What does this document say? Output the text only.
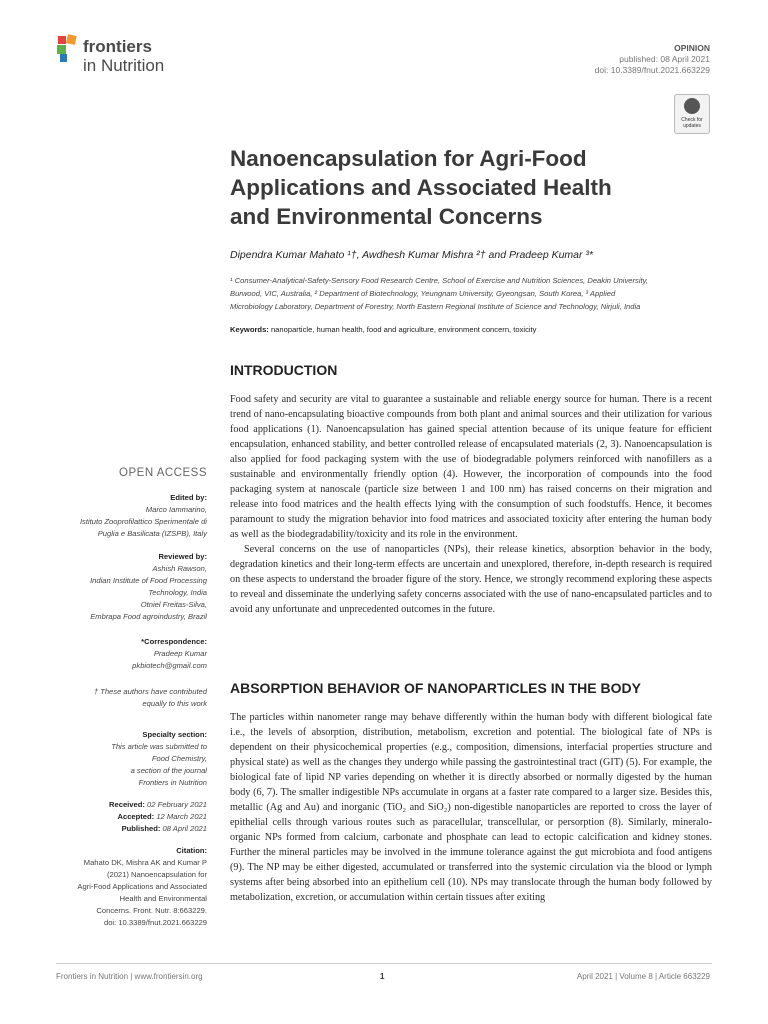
frontiers
in Nutrition
OPINION
published: 08 April 2021
doi: 10.3389/fnut.2021.663229
Check for
updates
Nanoencapsulation for Agri-Food
Applications and Associated Health
and Environmental Concerns
Dipendra Kumar Mahato ¹†, Awdhesh Kumar Mishra ²† and Pradeep Kumar ³*
¹ Consumer-Analytical-Safety-Sensory Food Research Centre, School of Exercise and Nutrition Sciences, Deakin University,
Burwood, VIC, Australia, ² Department of Biotechnology, Yeungnam University, Gyeongsan, South Korea, ³ Applied
Microbiology Laboratory, Department of Forestry, North Eastern Regional Institute of Science and Technology, Nirjuli, India
Keywords: nanoparticle, human health, food and agriculture, environment concern, toxicity
INTRODUCTION

Food safety and security are vital to guarantee a sustainable and reliable energy source for human. There is a recent trend of nano-encapsulating bioactive compounds from both plant and animal sources and their utilization for various food applications (1). Nanoencapsulation has gained special attention because of its unique feature for efficient encapsulation, enhanced stability, and better controlled release of encapsulated materials (2, 3). Nanoencapsulation is also applied for food packaging system with the use of biodegradable polymers reinforced with nanofillers as a sustainable and environmentally friendly option (4). However, the incorporation of compounds into the food packaging system at nanoscale (particle size between 1 and 100 nm) has raised concerns on their migration and release into food matrices and the health effects lying with the consumption of such foodstuffs. Hence, it becomes paramount to study the migration behavior into food matrices and associated toxicity after entering the human body as well as the biodegradability/toxicity and its role in the environment.

Several concerns on the use of nanoparticles (NPs), their release kinetics, absorption behavior in the body, degradation kinetics and their long-term effects are uncertain and unexplored, therefore, in-depth research is required on these aspects to understand the broader figure of the story. Hence, we strongly recommend exploring these aspects to reveal and disseminate the underlying safety concerns associated with the use of nano-encapsulated particles and to avoid any unfortunate and unprecedented outcomes in the future.

ABSORPTION BEHAVIOR OF NANOPARTICLES IN THE BODY

The particles within nanometer range may behave differently within the human body with different biological fate i.e., the levels of absorption, distribution, metabolism, excretion and potential. The biological fate of NPs is dependent on their physicochemical properties (e.g., composition, dimensions, interfacial properties structure and physical state) as well as the changes they undergo while passing the gastrointestinal tract (GIT) (5). For example, the biological fate of lipid NP varies depending on whether it is directly absorbed or normally digested by the human body (6, 7). The smaller indigestible NPs accumulate in organs at a faster rate compared to a larger size. Besides this, metallic (Ag and Au) and inorganic (TiO₂ and SiO₂) non-digestible nanoparticles are reported to cross the layer of epithelial cells through various routes such as paracellular, transcellular, or persorption (8). Similarly, mineralo-organic NPs formed from calcium, carbonate and phosphate can lead to ectopic calcification and kidney stones. Further the mineral particles may be involved in the immune tolerance against the gut microbiota and food antigens (9). The NP may be either digested, accumulated or transferred into the systemic circulation via the blood or lymph systems after being absorbed into an epithelium cell (10). NPs may translocate through the human body followed by metabolization, excretion, or accumulation within certain tissues after exiting

OPEN ACCESS
Edited by:
Marco Iammarino,
Istituto Zooprofilattico Sperimentale di
Puglia e Basilicata (IZSPB), Italy
Reviewed by:
Ashish Rawson,
Indian Institute of Food Processing
Technology, India
Otniel Freitas-Silva,
Embrapa Food agroindustry, Brazil
*Correspondence:
Pradeep Kumar
pkbiotech@gmail.com
† These authors have contributed
equally to this work
Specialty section:
This article was submitted to
Food Chemistry,
a section of the journal
Frontiers in Nutrition
Received: 02 February 2021
Accepted: 12 March 2021
Published: 08 April 2021
Citation:
Mahato DK, Mishra AK and Kumar P
(2021) Nanoencapsulation for
Agri-Food Applications and Associated
Health and Environmental
Concerns. Front. Nutr. 8:663229.
doi: 10.3389/fnut.2021.663229
Frontiers in Nutrition | www.frontiersin.org	1	April 2021 | Volume 8 | Article 663229
